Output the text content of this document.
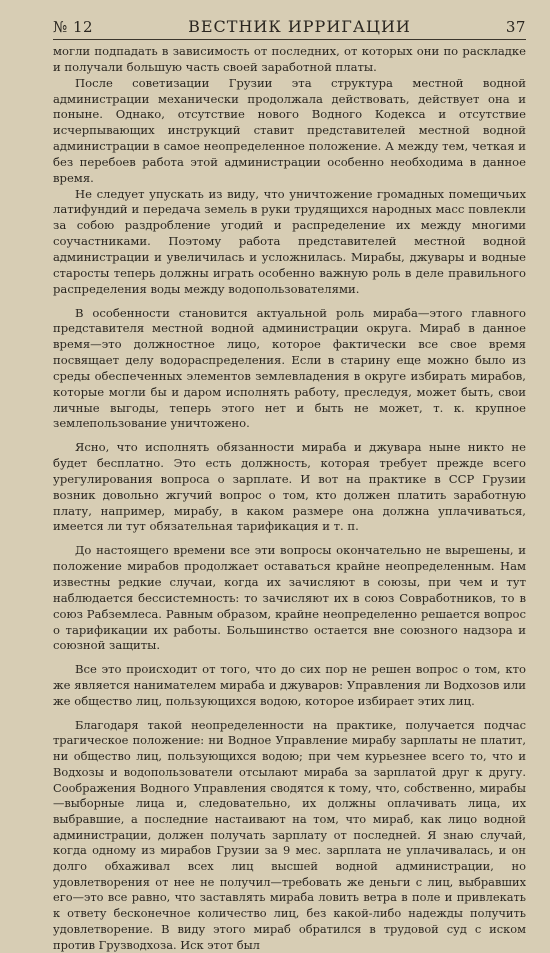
№ 12	ВЕСТНИК ИРРИГАЦИИ	37

могли подпадать в зависимость от последних, от которых они по раскладке и получали большую часть своей заработной платы.

После советизации Грузии эта структура местной водной администрации механически продолжала действовать, действует она и поныне. Однако, отсутствие нового Водного Кодекса и отсутствие исчерпывающих инструкций ставит представителей местной водной администрации в самое неопределенное положение. А между тем, четкая и без перебоев работа этой администрации особенно необходима в данное время.

Не следует упускать из виду, что уничтожение громадных помещичьих латифундий и передача земель в руки трудящихся народных масс повлекли за собою раздробление угодий и распределение их между многими соучастниками. Поэтому работа представителей местной водной администрации и увеличилась и усложнилась. Мирабы, джувары и водные старосты теперь должны играть особенно важную роль в деле правильного распределения воды между водопользователями.

В особенности становится актуальной роль мираба—этого главного представителя местной водной администрации округа. Мираб в данное время—это должностное лицо, которое фактически все свое время посвящает делу водораспределения. Если в старину еще можно было из среды обеспеченных элементов землевладения в округе избирать мирабов, которые могли бы и даром исполнять работу, преследуя, может быть, свои личные выгоды, теперь этого нет и быть не может, т. к. крупное землепользование уничтожено.

Ясно, что исполнять обязанности мираба и джувара ныне никто не будет бесплатно. Это есть должность, которая требует прежде всего урегулирования вопроса о зарплате. И вот на практике в ССР Грузии возник довольно жгучий вопрос о том, кто должен платить заработную плату, например, мирабу, в каком размере она должна уплачиваться, имеется ли тут обязательная тарификация и т. п.

До настоящего времени все эти вопросы окончательно не вырешены, и положение мирабов продолжает оставаться крайне неопределенным. Нам известны редкие случаи, когда их зачисляют в союзы, при чем и тут наблюдается бессистемность: то зачисляют их в союз Совработников, то в союз Рабземлеса. Равным образом, крайне неопределенно решается вопрос о тарификации их работы. Большинство остается вне союзного надзора и союзной защиты.

Все это происходит от того, что до сих пор не решен вопрос о том, кто же является нанимателем мираба и джуваров: Управления ли Водхозов или же общество лиц, пользующихся водою, которое избирает этих лиц.

Благодаря такой неопределенности на практике, получается подчас трагическое положение: ни Водное Управление мирабу зарплаты не платит, ни общество лиц, пользующихся водою; при чем курьезнее всего то, что и Водхозы и водопользователи отсылают мираба за зарплатой друг к другу. Соображения Водного Управления сводятся к тому, что, собственно, мирабы—выборные лица и, следовательно, их должны оплачивать лица, их выбравшие, а последние настаивают на том, что мираб, как лицо водной администрации, должен получать зарплату от последней. Я знаю случай, когда одному из мирабов Грузии за 9 мес. зарплата не уплачивалась, и он долго обхаживал всех лиц высшей водной администрации, но удовлетворения от нее не получил—требовать же деньги с лиц, выбравших его—это все равно, что заставлять мираба ловить ветра в поле и привлекать к ответу бесконечное количество лиц, без какой-либо надежды получить удовлетворение. В виду этого мираб обратился в трудовой суд с иском против Грузводхоза. Иск этот был
